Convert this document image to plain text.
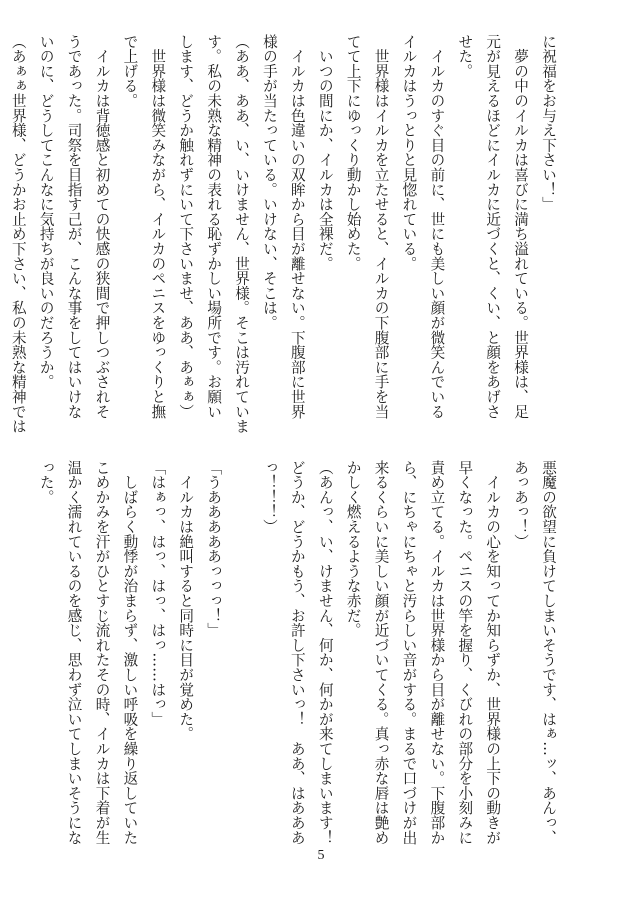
に祝福をお与え下さい！」
　夢の中のイルカは喜びに満ち溢れている。世界様は、足
元が見えるほどにイルカに近づくと、くい、と顔をあげさ
せた。
　イルカのすぐ目の前に、世にも美しい顔が微笑んでいる
イルカはうっとりと見惚れている。
　世界様はイルカを立たせると、イルカの下腹部に手を当
てて上下にゆっくり動かし始めた。
　いつの間にか、イルカは全裸だ。
　イルカは色違いの双眸から目が離せない。下腹部に世界
様の手が当たっている。いけない、そこは。
（ああ、ああ、い、いけません、世界様。そこは汚れていま
す。私の未熟な精神の表れる恥ずかしい場所です。お願い
します、どうか触れずにいて下さいませ、ああ、あぁぁ）
　世界様は微笑みながら、イルカのペニスをゆっくりと撫
で上げる。
　イルカは背徳感と初めての快感の狭間で押しつぶされそ
うであった。司祭を目指す己が、こんな事をしてはいけな
いのに、どうしてこんなに気持ちが良いのだろうか。
（あぁぁ世界様、どうかお止め下さい、私の未熟な精神では
悪魔の欲望に負けてしまいそうです、はぁ…ッ、あんっ、
あっあっ！）
　イルカの心を知ってか知らずか、世界様の上下の動きが
早くなった。ペニスの竿を握り、くびれの部分を小刻みに
責め立てる。イルカは世界様から目が離せない。下腹部か
ら、にちゃにちゃと汚らしい音がする。まるで口づけが出
来るくらいに美しい顔が近づいてくる。真っ赤な唇は艶め
かしく燃えるような赤だ。
（あんっ、い、けません、何か、何かが来てしまいます！
どうか、どうかもう、お許し下さいっ！　ああ、はあああ
っ！！！）

「うあああああっっっ！」
　イルカは絶叫すると同時に目が覚めた。
「はぁっ、はっ、はっ、はっ……はっ」
　しばらく動悸が治まらず、激しい呼吸を繰り返していた
こめかみを汗がひとすじ流れたその時、イルカは下着が生
温かく濡れているのを感じ、思わず泣いてしまいそうにな
った。
5
